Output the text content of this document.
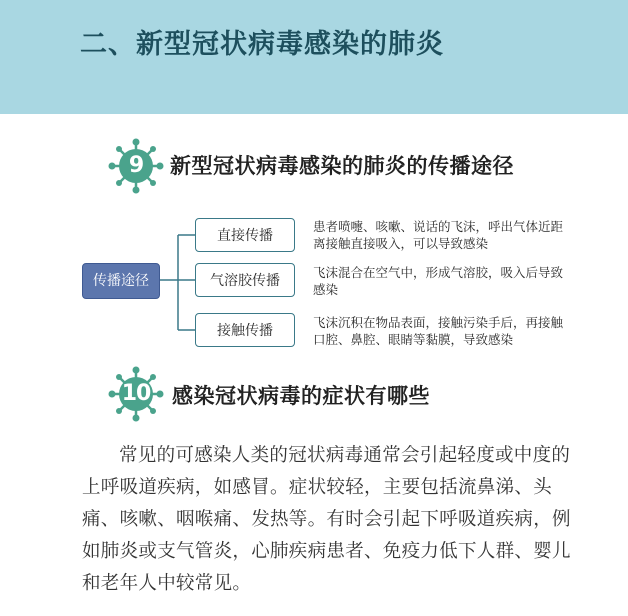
二、新型冠状病毒感染的肺炎
9	新型冠状病毒感染的肺炎的传播途径
传播途径
直接传播
患者喷嚏、咳嗽、说话的飞沫，呼出气体近距离接触直接吸入，可以导致感染
气溶胶传播
飞沫混合在空气中，形成气溶胶，吸入后导致感染
接触传播
飞沫沉积在物品表面，接触污染手后，再接触口腔、鼻腔、眼睛等黏膜，导致感染
10	感染冠状病毒的症状有哪些
常见的可感染人类的冠状病毒通常会引起轻度或中度的上呼吸道疾病，如感冒。症状较轻，主要包括流鼻涕、头痛、咳嗽、咽喉痛、发热等。有时会引起下呼吸道疾病，例如肺炎或支气管炎，心肺疾病患者、免疫力低下人群、婴儿和老年人中较常见。
